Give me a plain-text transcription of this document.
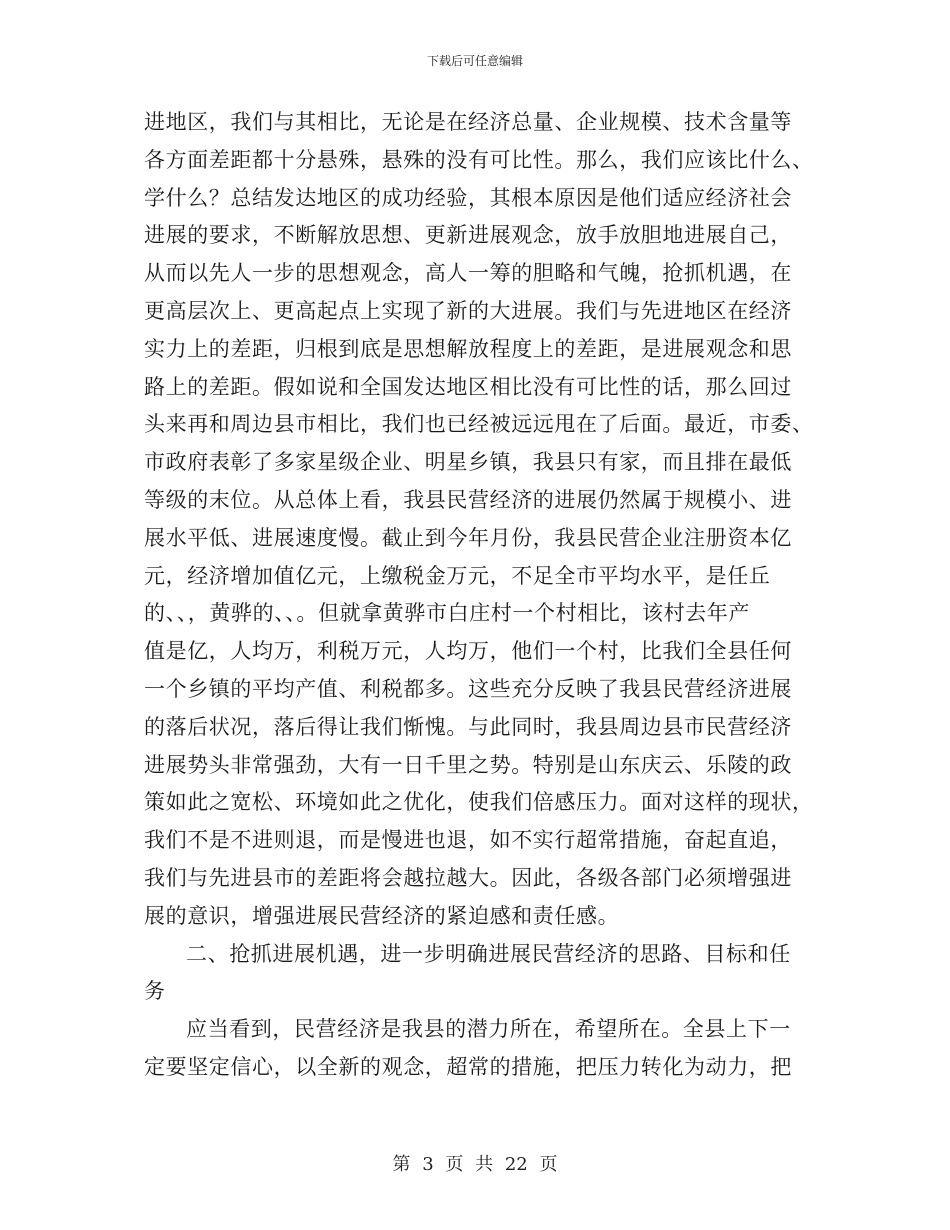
下载后可任意编辑
进地区，我们与其相比，无论是在经济总量、企业规模、技术含量等
各方面差距都十分悬殊，悬殊的没有可比性。那么，我们应该比什么、
学什么？总结发达地区的成功经验，其根本原因是他们适应经济社会
进展的要求，不断解放思想、更新进展观念，放手放胆地进展自己，
从而以先人一步的思想观念，高人一筹的胆略和气魄，抢抓机遇，在
更高层次上、更高起点上实现了新的大进展。我们与先进地区在经济
实力上的差距，归根到底是思想解放程度上的差距，是进展观念和思
路上的差距。假如说和全国发达地区相比没有可比性的话，那么回过
头来再和周边县市相比，我们也已经被远远甩在了后面。最近，市委、
市政府表彰了多家星级企业、明星乡镇，我县只有家，而且排在最低
等级的末位。从总体上看，我县民营经济的进展仍然属于规模小、进
展水平低、进展速度慢。截止到今年月份，我县民营企业注册资本亿
元，经济增加值亿元，上缴税金万元，不足全市平均水平，是任丘
的、、，黄骅的、、。但就拿黄骅市白庄村一个村相比，该村去年产
值是亿，人均万，利税万元，人均万，他们一个村，比我们全县任何
一个乡镇的平均产值、利税都多。这些充分反映了我县民营经济进展
的落后状况，落后得让我们惭愧。与此同时，我县周边县市民营经济
进展势头非常强劲，大有一日千里之势。特别是山东庆云、乐陵的政
策如此之宽松、环境如此之优化，使我们倍感压力。面对这样的现状，
我们不是不进则退，而是慢进也退，如不实行超常措施，奋起直追，
我们与先进县市的差距将会越拉越大。因此，各级各部门必须增强进
展的意识，增强进展民营经济的紧迫感和责任感。
二、抢抓进展机遇，进一步明确进展民营经济的思路、目标和任
务
应当看到，民营经济是我县的潜力所在，希望所在。全县上下一
定要坚定信心，以全新的观念，超常的措施，把压力转化为动力，把
第 3 页 共 22 页
